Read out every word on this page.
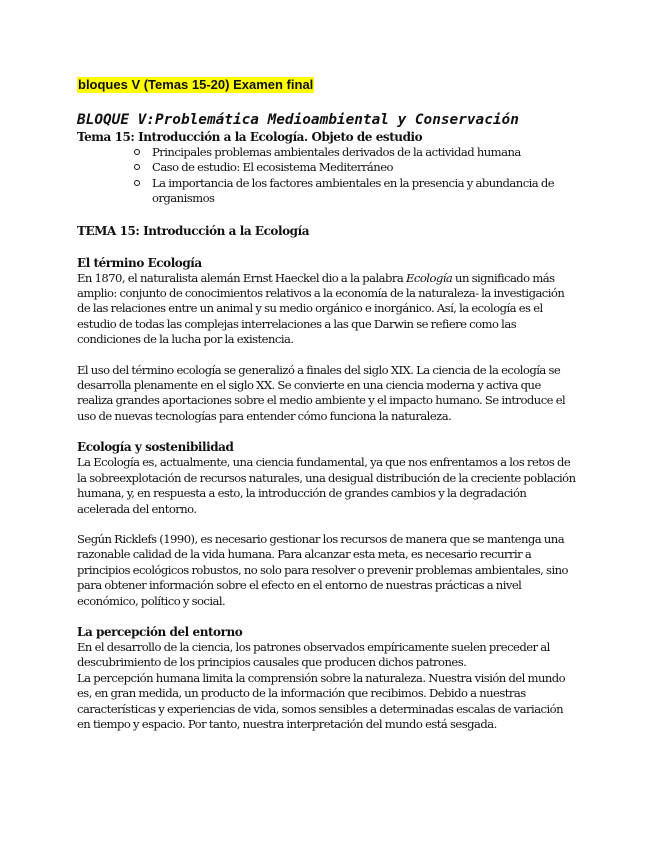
bloques V (Temas 15-20) Examen final
BLOQUE V:Problemática Medioambiental y Conservación
Tema 15: Introducción a la Ecología. Objeto de estudio
Principales problemas ambientales derivados de la actividad humana
Caso de estudio: El ecosistema Mediterráneo
La importancia de los factores ambientales en la presencia y abundancia de organismos
TEMA 15: Introducción a la Ecología
El término Ecología

En 1870, el naturalista alemán Ernst Haeckel dio a la palabra Ecología un significado más amplio: conjunto de conocimientos relativos a la economía de la naturaleza- la investigación de las relaciones entre un animal y su medio orgánico e inorgánico. Así, la ecología es el estudio de todas las complejas interrelaciones a las que Darwin se refiere como las condiciones de la lucha por la existencia.

El uso del término ecología se generalizó a finales del siglo XIX. La ciencia de la ecología se desarrolla plenamente en el siglo XX. Se convierte en una ciencia moderna y activa que realiza grandes aportaciones sobre el medio ambiente y el impacto humano. Se introduce el uso de nuevas tecnologías para entender cómo funciona la naturaleza.

Ecología y sostenibilidad

La Ecología es, actualmente, una ciencia fundamental, ya que nos enfrentamos a los retos de la sobreexplotación de recursos naturales, una desigual distribución de la creciente población humana, y, en respuesta a esto, la introducción de grandes cambios y la degradación acelerada del entorno.

Según Ricklefs (1990), es necesario gestionar los recursos de manera que se mantenga una razonable calidad de la vida humana. Para alcanzar esta meta, es necesario recurrir a principios ecológicos robustos, no solo para resolver o prevenir problemas ambientales, sino para obtener información sobre el efecto en el entorno de nuestras prácticas a nivel económico, político y social.

La percepción del entorno

En el desarrollo de la ciencia, los patrones observados empíricamente suelen preceder al descubrimiento de los principios causales que producen dichos patrones.

La percepción humana limita la comprensión sobre la naturaleza. Nuestra visión del mundo es, en gran medida, un producto de la información que recibimos. Debido a nuestras características y experiencias de vida, somos sensibles a determinadas escalas de variación en tiempo y espacio. Por tanto, nuestra interpretación del mundo está sesgada.
